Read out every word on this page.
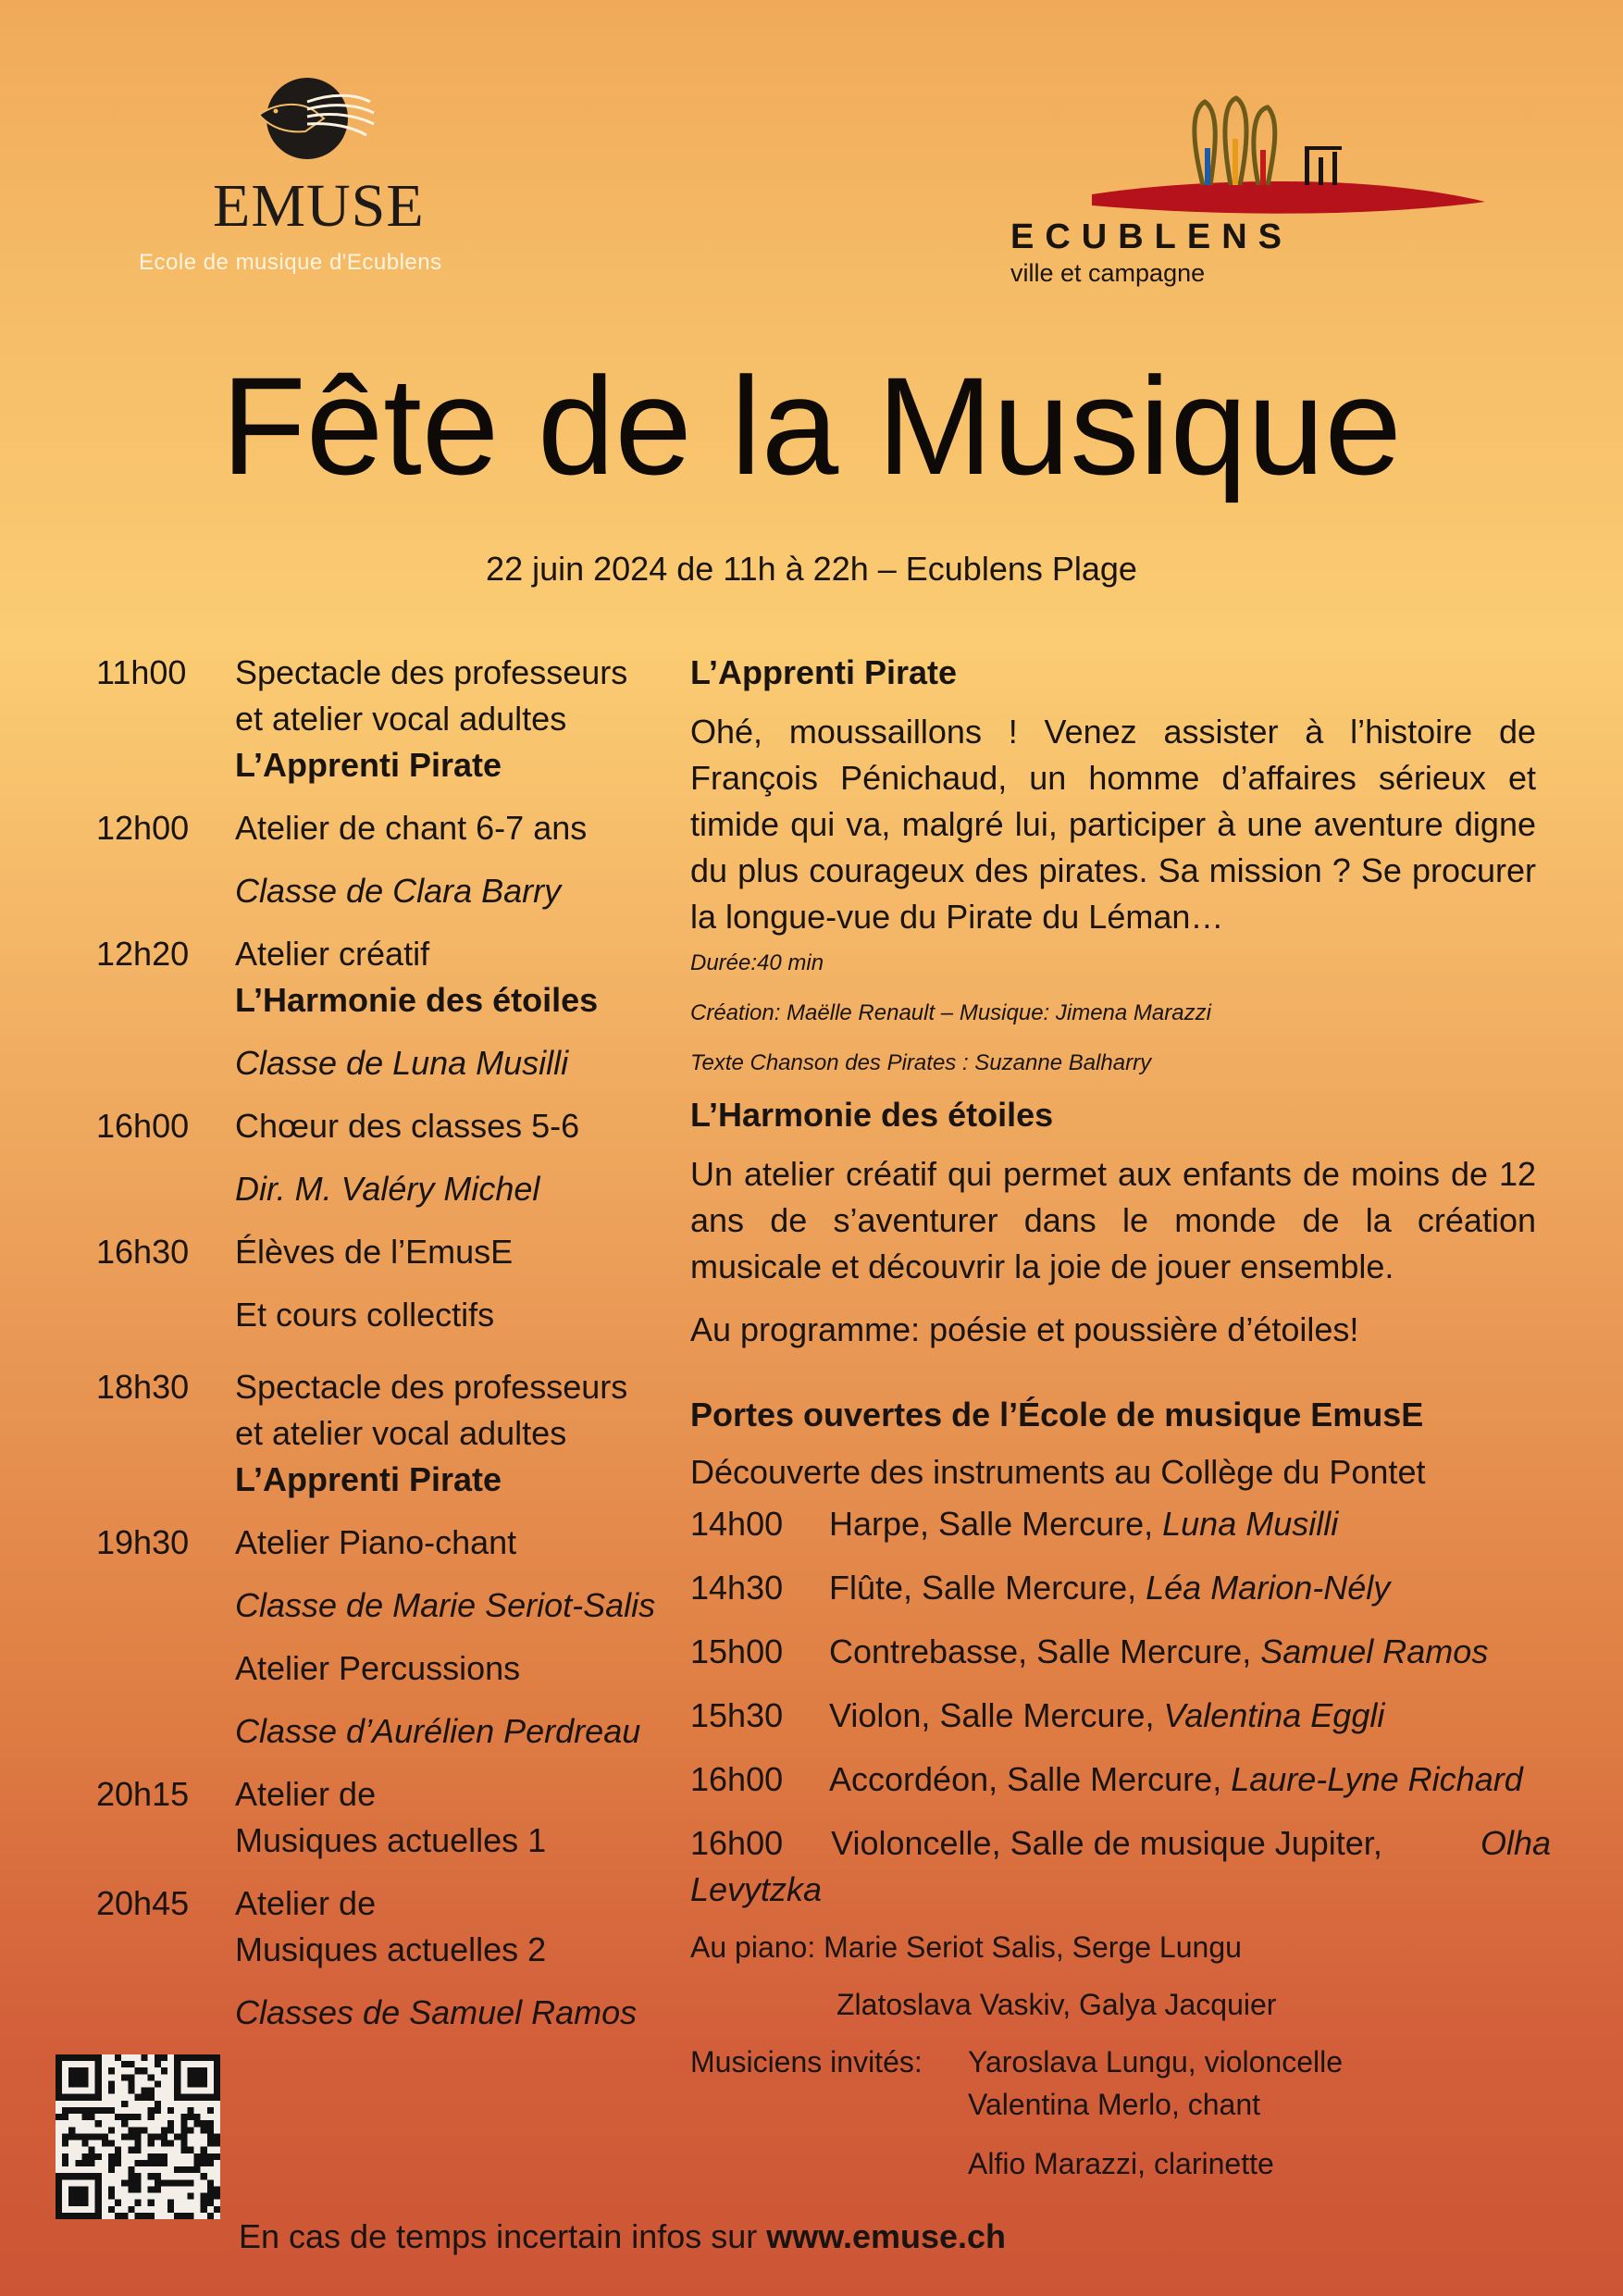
EMUSE
Ecole de musique d'Ecublens
ECUBLENS
ville et campagne
Fête de la Musique
22 juin 2024 de 11h à 22h – Ecublens Plage
11h00	Spectacle des professeurs
et atelier vocal adultes
L’Apprenti Pirate
12h00	Atelier de chant 6-7 ans
Classe de Clara Barry
12h20	Atelier créatif
L’Harmonie des étoiles
Classe de Luna Musilli
16h00	Chœur des classes 5-6
Dir. M. Valéry Michel
16h30	Élèves de l’EmusE
Et cours collectifs
18h30	Spectacle des professeurs
et atelier vocal adultes
L’Apprenti Pirate
19h30	Atelier Piano-chant
Classe de Marie Seriot-Salis
Atelier Percussions
Classe d’Aurélien Perdreau
20h15	Atelier de
Musiques actuelles 1
20h45	Atelier de
Musiques actuelles 2
Classes de Samuel Ramos
L’Apprenti Pirate
Ohé, moussaillons ! Venez assister à l’histoire de François Pénichaud, un homme d’affaires sérieux et timide qui va, malgré lui, participer à une aventure digne du plus courageux des pirates. Sa mission ? Se procurer la longue-vue du Pirate du Léman…
Durée:40 min
Création: Maëlle Renault – Musique: Jimena Marazzi
Texte Chanson des Pirates : Suzanne Balharry
L’Harmonie des étoiles
Un atelier créatif qui permet aux enfants de moins de 12 ans de s’aventurer dans le monde de la création musicale et découvrir la joie de jouer ensemble.
Au programme: poésie et poussière d’étoiles!
Portes ouvertes de l’École de musique EmusE
Découverte des instruments au Collège du Pontet
14h00	Harpe, Salle Mercure, Luna Musilli
14h30	Flûte, Salle Mercure, Léa Marion-Nély
15h00	Contrebasse, Salle Mercure, Samuel Ramos
15h30	Violon, Salle Mercure, Valentina Eggli
16h00	Accordéon, Salle Mercure, Laure-Lyne Richard
16h00	Violoncelle, Salle de musique Jupiter,	Olha
Levytzka
Au piano: Marie Seriot Salis, Serge Lungu
Zlatoslava Vaskiv, Galya Jacquier
Musiciens invités:	Yaroslava Lungu, violoncelle
Valentina Merlo, chant
Alfio Marazzi, clarinette
En cas de temps incertain infos sur www.emuse.ch
